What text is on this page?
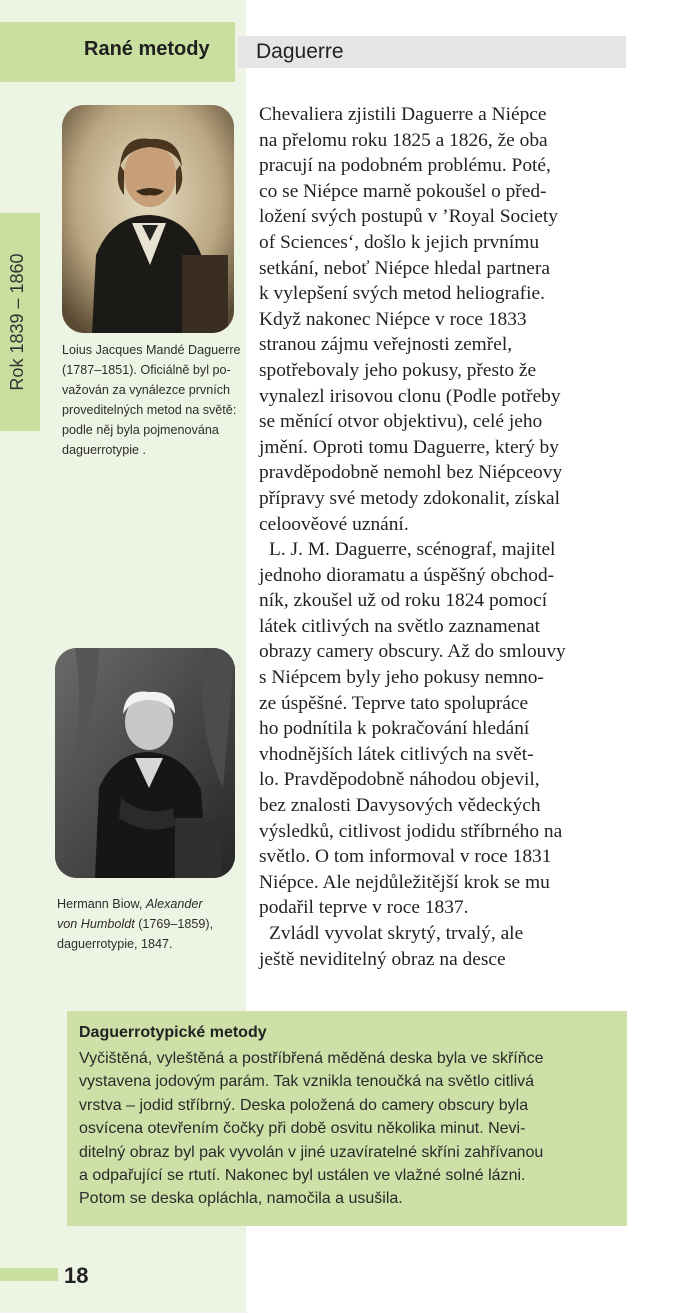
Rané metody Daguerre
Rok 1839 – 1860	Loius Jacques Mandé Daguerre
(1787–1851). Oficiálně byl po-
važován za vynálezce prvních
proveditelných metod na světě:
podle něj byla pojmenována
daguerrotypie .

Hermann Biow, Alexander
von Humboldt (1769–1859),
daguerrotypie, 1847.

Chevaliera zjistili Daguerre a Niépce
na přelomu roku 1825 a 1826, že oba
pracují na podobném problému. Poté,
co se Niépce marně pokoušel o před-
ložení svých postupů v ’Royal Society
of Sciences‘, došlo k jejich prvnímu
setkání, neboť Niépce hledal partnera
k vylepšení svých metod heliografie.
Když nakonec Niépce v roce 1833
stranou zájmu veřejnosti zemřel,
spotřebovaly jeho pokusy, přesto že
vynalezl irisovou clonu (Podle potřeby
se měnící otvor objektivu), celé jeho
jmění. Oproti tomu Daguerre, který by
pravděpodobně nemohl bez Niépceovy
přípravy své metody zdokonalit, získal
celoověové uznání.

L. J. M. Daguerre, scénograf, majitel
jednoho dioramatu a úspěšný obchod-
ník, zkoušel už od roku 1824 pomocí
látek citlivých na světlo zaznamenat
obrazy camery obscury. Až do smlouvy
s Niépcem byly jeho pokusy nemno-
ze úspěšné. Teprve tato spolupráce
ho podnítila k pokračování hledání
vhodnějších látek citlivých na svět-
lo. Pravděpodobně náhodou objevil,
bez znalosti Davysových vědeckých
výsledků, citlivost jodidu stříbrného na
světlo. O tom informoval v roce 1831
Niépce. Ale nejdůležitější krok se mu
podařil teprve v roce 1837.

Zvládl vyvolat skrytý, trvalý, ale
ještě neviditelný obraz na desce

Daguerrotypické metody
Vyčištěná, vyleštěná a postříbřená měděná deska byla ve skříňce
vystavena jodovým parám. Tak vznikla tenoučká na světlo citlivá
vrstva – jodid stříbrný. Deska položená do camery obscury byla
osvícena otevřením čočky při době osvitu několika minut. Nevi-
ditelný obraz byl pak vyvolán v jiné uzavíratelné skříni zahřívanou
a odpařující se rtutí. Nakonec byl ustálen ve vlažné solné lázni.
Potom se deska opláchla, namočila a usušila.
18
